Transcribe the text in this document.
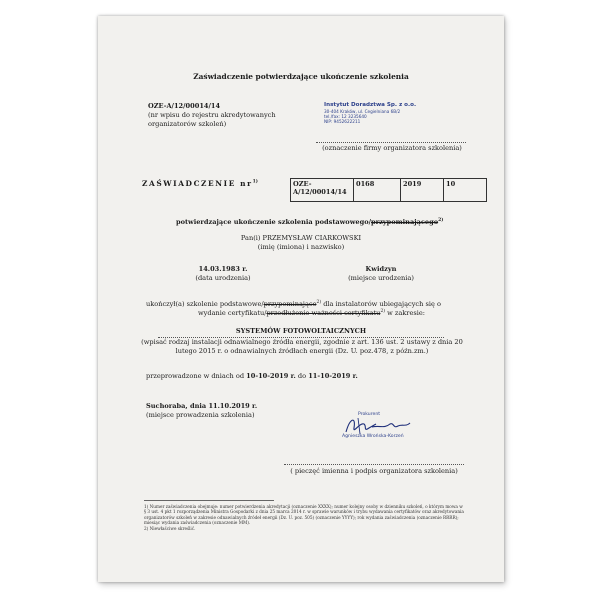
Zaświadczenie potwierdzające ukończenie szkolenia
OZE-A/12/00014/14
(nr wpisu do rejestru akredytowanych organizatorów szkoleń)
Instytut Doradztwa Sp. z o.o.
30-404 Kraków, ul. Cegielniana 6B/2
tel./fax: 12 3235640
NIP: 9452622211
(oznaczenie firmy organizatora szkolenia)
ZAŚWIADCZENIE $nr^{1)}$	OZE-A/12/00014/14	0168	2019	10
potwierdzające ukończenie szkolenia podstawowego/przypominającego$^{2)}$
Pan(i) PRZEMYSŁAW CIARKOWSKI
(imię (imiona) i nazwisko)
14.03.1983 r.
(data urodzenia)
Kwidzyn
(miejsce urodzenia)
ukończył(a) szkolenie podstawowe/przypominające$^{2)}$ dla instalatorów ubiegających się o
wydanie certyfikatu/przedłużenie ważności certyfikatu$^{2)}$ w zakresie:
SYSTEMÓW FOTOWOLTAICZNYCH
(wpisać rodzaj instalacji odnawialnego źródła energii, zgodnie z art. 136 ust. 2 ustawy z dnia 20 lutego 2015 r. o odnawialnych źródłach energii (Dz. U. poz.478, z późn.zm.)
przeprowadzone w dniach od 10-10-2019 r. do 11-10-2019 r.
Suchoraba, dnia 11.10.2019 r.
(miejsce prowadzenia szkolenia)	Prokurent
Agnieszka Wrońska-Korzeń
( pieczęć imienna i podpis organizatora szkolenia)
1) Numer zaświadczenia obejmuje: numer potwierdzenia akredytacji (oznaczenie XXXX); numer kolejny osoby w dzienniku szkoleń, o którym mowa w § 3 ust. 4 pkt 1 rozporządzenia Ministra Gospodarki z dnia 25 marca 2014 r. w sprawie warunków i trybu wydawania certyfikatów oraz akredytowania organizatorów szkoleń w zakresie odnawialnych źródeł energii (Dz. U. poz. 505) (oznaczenie YYYY); rok wydania zaświadczenia (oznaczenie RRRR); miesiąc wydania zaświadczenia (oznaczenie MM).
2) Niewłaściwe skreślić.
